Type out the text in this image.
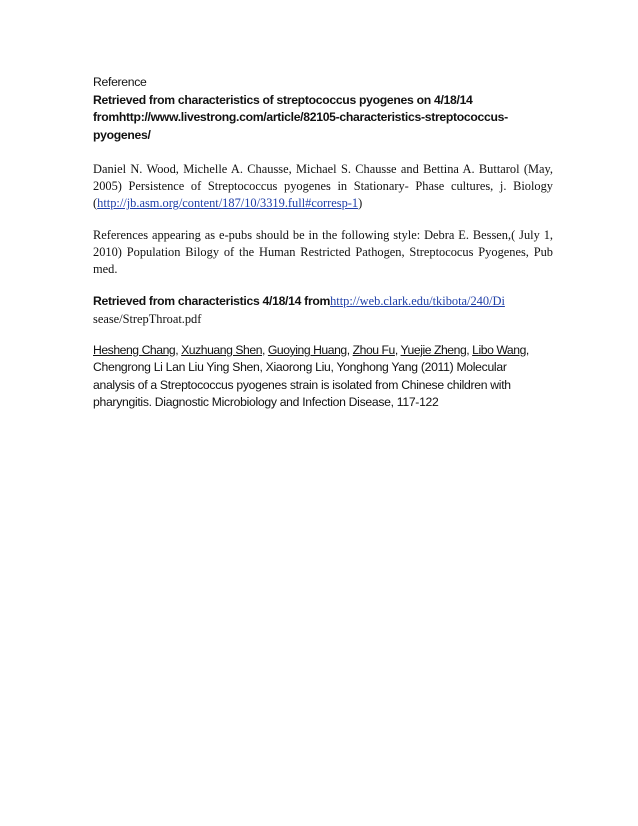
Reference

Retrieved from characteristics of streptococcus pyogenes on 4/18/14

fromhttp://www.livestrong.com/article/82105-characteristics-streptococcus-

pyogenes/

Daniel N. Wood, Michelle A. Chausse, Michael S. Chausse and Bettina A. Buttarol (May, 2005) Persistence of Streptococcus pyogenes in Stationary- Phase cultures, j. Biology (http://jb.asm.org/content/187/10/3319.full#corresp-1)

References appearing as e-pubs should be in the following style: Debra E. Bessen,( July 1, 2010) Population Bilogy of the Human Restricted Pathogen, Streptococus Pyogenes, Pub med.

Retrieved from characteristics 4/18/14 fromhttp://web.clark.edu/tkibota/240/Di

sease/StrepThroat.pdf

Hesheng Chang, Xuzhuang Shen, Guoying Huang, Zhou Fu, Yuejie Zheng, Libo Wang,

Chengrong Li Lan Liu Ying Shen, Xiaorong Liu, Yonghong Yang (2011) Molecular

analysis of a Streptococcus pyogenes strain is isolated from Chinese children with

pharyngitis. Diagnostic Microbiology and Infection Disease, 117-122
